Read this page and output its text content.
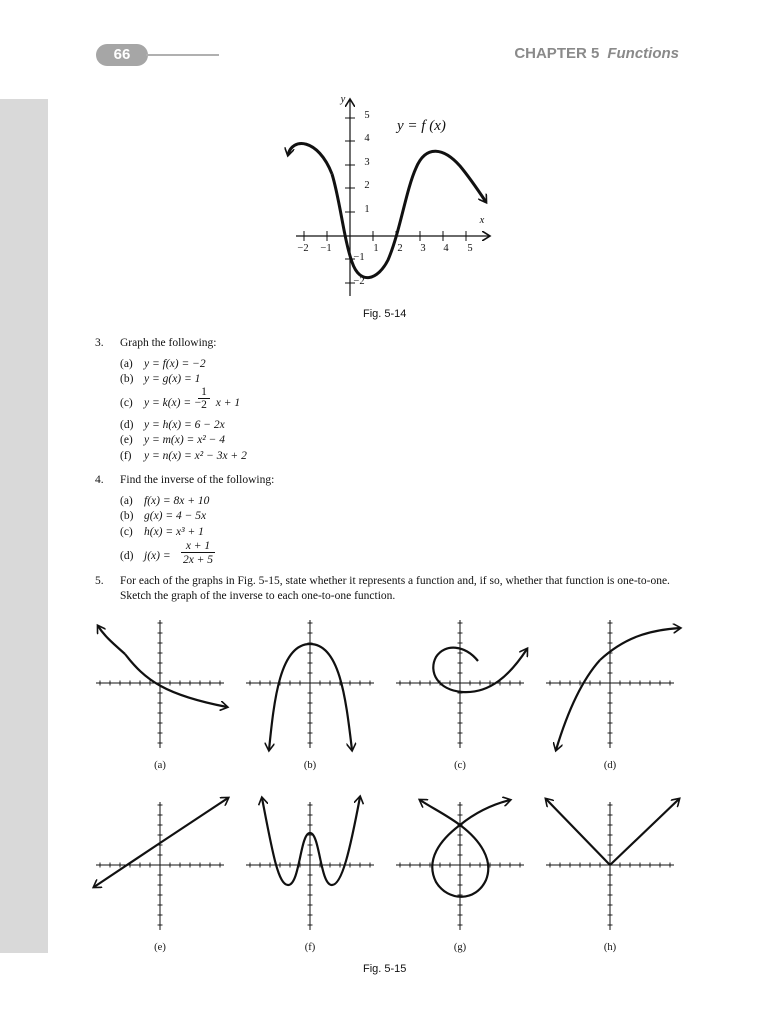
66	CHAPTER 5 Functions
y
x
y = f (x)
5
4
3
2
1
−1
−2
−2	−1	1	2	3	4	5
Fig. 5-14
3. Graph the following:
(a) y = f(x) = −2
(b) y = g(x) = 1
(c) y = k(x) = − x + 1
$\frac{1}{2}$
(d) y = h(x) = 6 − 2x
(e) y = m(x) = x² − 4
(f) y = n(x) = x² − 3x + 2
4. Find the inverse of the following:
(a) f(x) = 8x + 10
(b) g(x) = 4 − 5x
(c) h(x) = x³ + 1
(d) $j(x) = \frac{x + 1}{2x + 5}$
5. For each of the graphs in Fig. 5-15, state whether it represents a function and, if so, whether that function is one-to-one. Sketch the graph of the inverse to each one-to-one function.
(a)	(b)	(c)	(d)
(e)	(f)	(g)	(h)
Fig. 5-15
